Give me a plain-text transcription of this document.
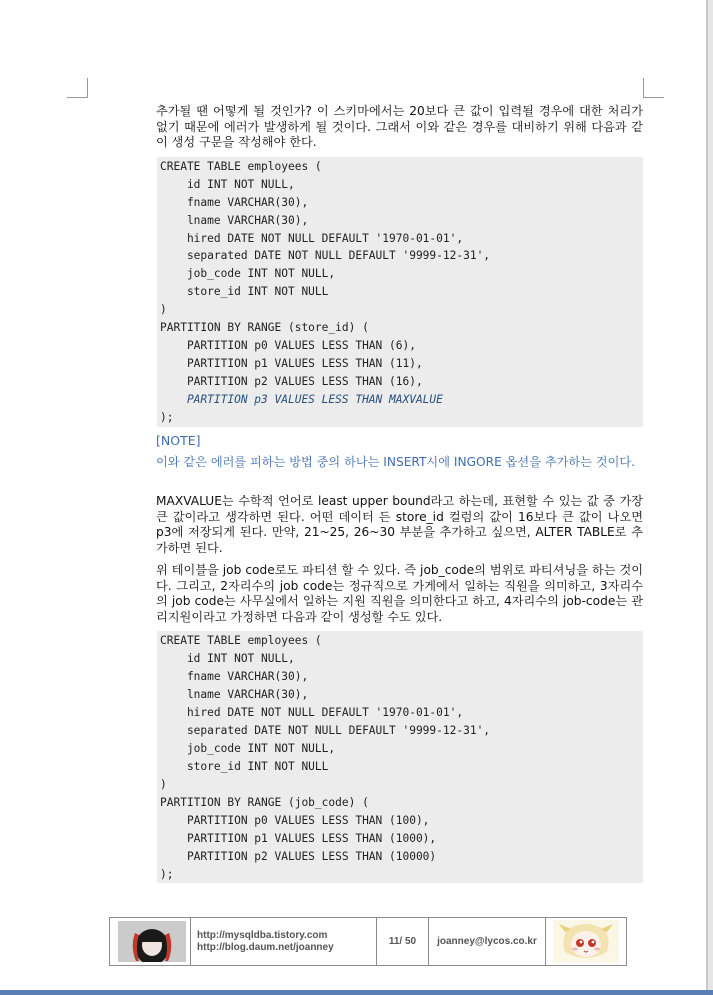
추가될 땐 어떻게 될 것인가? 이 스키마에서는 20보다 큰 값이 입력될 경우에 대한 처리가 없기 때문에 에러가 발생하게 될 것이다. 그래서 이와 같은 경우를 대비하기 위해 다음과 같이 생성 구문을 작성해야 한다.

CREATE TABLE employees (
id INT NOT NULL,
fname VARCHAR(30),
lname VARCHAR(30),
hired DATE NOT NULL DEFAULT '1970-01-01',
separated DATE NOT NULL DEFAULT '9999-12-31',
job_code INT NOT NULL,
store_id INT NOT NULL
)
PARTITION BY RANGE (store_id) (
PARTITION p0 VALUES LESS THAN (6),
PARTITION p1 VALUES LESS THAN (11),
PARTITION p2 VALUES LESS THAN (16),
PARTITION p3 VALUES LESS THAN MAXVALUE
);
[NOTE]

이와 같은 에러를 피하는 방법 중의 하나는 INSERT시에 INGORE 옵션을 추가하는 것이다.

MAXVALUE는 수학적 언어로 least upper bound라고 하는데, 표현할 수 있는 값 중 가장 큰 값이라고 생각하면 된다. 어떤 데이터 든 store_id 컬럼의 값이 16보다 큰 값이 나오면 p3에 저장되게 된다. 만약, 21~25, 26~30 부분을 추가하고 싶으면, ALTER TABLE로 추가하면 된다.

위 테이블을 job code로도 파티션 할 수 있다. 즉 job_code의 범위로 파티셔닝을 하는 것이다. 그리고, 2자리수의 job code는 정규직으로 가게에서 일하는 직원을 의미하고, 3자리수의 job code는 사무실에서 일하는 지원 직원을 의미한다고 하고, 4자리수의 job-code는 관리지원이라고 가정하면 다음과 같이 생성할 수도 있다.

CREATE TABLE employees (
id INT NOT NULL,
fname VARCHAR(30),
lname VARCHAR(30),
hired DATE NOT NULL DEFAULT '1970-01-01',
separated DATE NOT NULL DEFAULT '9999-12-31',
job_code INT NOT NULL,
store_id INT NOT NULL
)
PARTITION BY RANGE (job_code) (
PARTITION p0 VALUES LESS THAN (100),
PARTITION p1 VALUES LESS THAN (1000),
PARTITION p2 VALUES LESS THAN (10000)
);
http://mysqldba.tistory.com
http://blog.daum.net/joanney
11/ 50	joanney@lycos.co.kr
